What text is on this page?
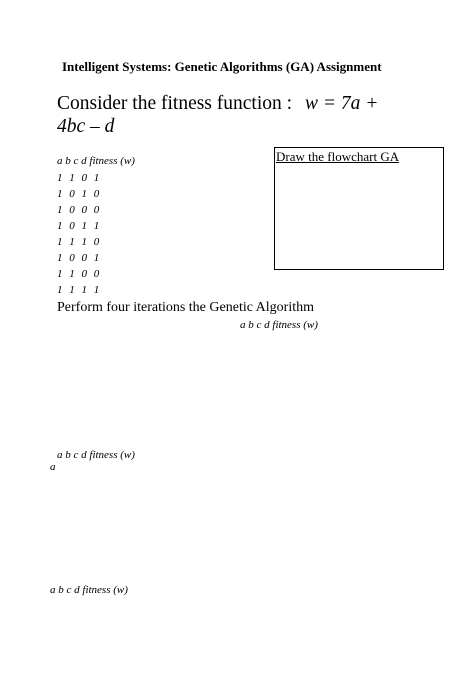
Intelligent Systems: Genetic Algorithms (GA) Assignment
Consider the fitness function : w = 7a +
4bc – d
a b c d fitness (w)
1 1 0 1
1 0 1 0
1 0 0 0
1 0 1 1
1 1 1 0
1 0 0 1
1 1 0 0
1 1 1 1
Draw the flowchart GA
Perform four iterations the Genetic Algorithm
a b c d fitness (w)
a b c d fitness (w)
a
a b c d fitness (w)
